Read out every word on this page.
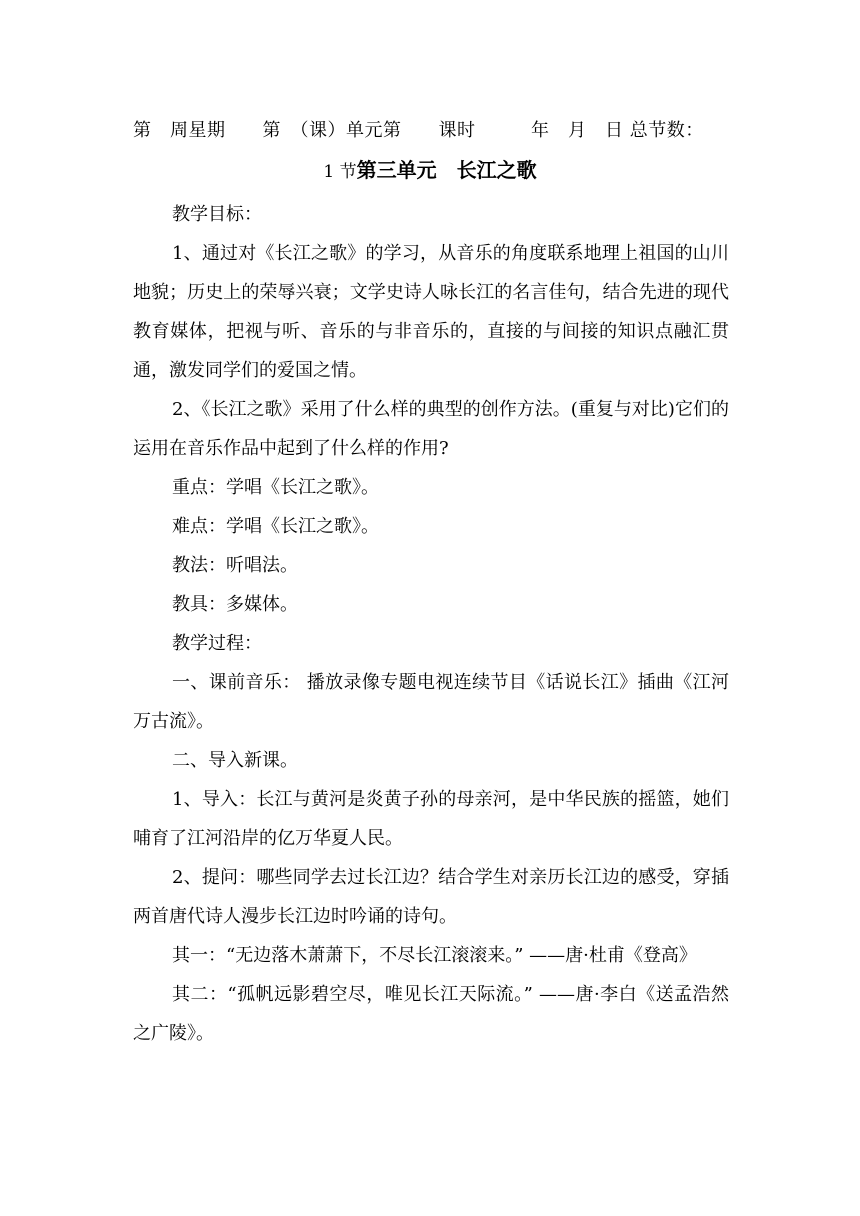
第　周星期　　第　（课）单元第　　课时　　　年　月　日 总节数：
1 节第三单元　长江之歌

教学目标：

1、通过对《长江之歌》的学习，从音乐的角度联系地理上祖国的山川地貌；历史上的荣辱兴衰；文学史诗人咏长江的名言佳句，结合先进的现代教育媒体，把视与听、音乐的与非音乐的，直接的与间接的知识点融汇贯通，激发同学们的爱国之情。

2、《长江之歌》采用了什么样的典型的创作方法。(重复与对比)它们的运用在音乐作品中起到了什么样的作用?

重点：学唱《长江之歌》。

难点：学唱《长江之歌》。

教法：听唱法。

教具：多媒体。

教学过程：

一、课前音乐： 播放录像专题电视连续节目《话说长江》插曲《江河万古流》。

二、导入新课。

1、导入：长江与黄河是炎黄子孙的母亲河，是中华民族的摇篮，她们哺育了江河沿岸的亿万华夏人民。

2、提问：哪些同学去过长江边？结合学生对亲历长江边的感受，穿插两首唐代诗人漫步长江边时吟诵的诗句。

其一：“无边落木萧萧下，不尽长江滚滚来。” ——唐·杜甫《登高》

其二：“孤帆远影碧空尽，唯见长江天际流。” ——唐·李白《送孟浩然之广陵》。
